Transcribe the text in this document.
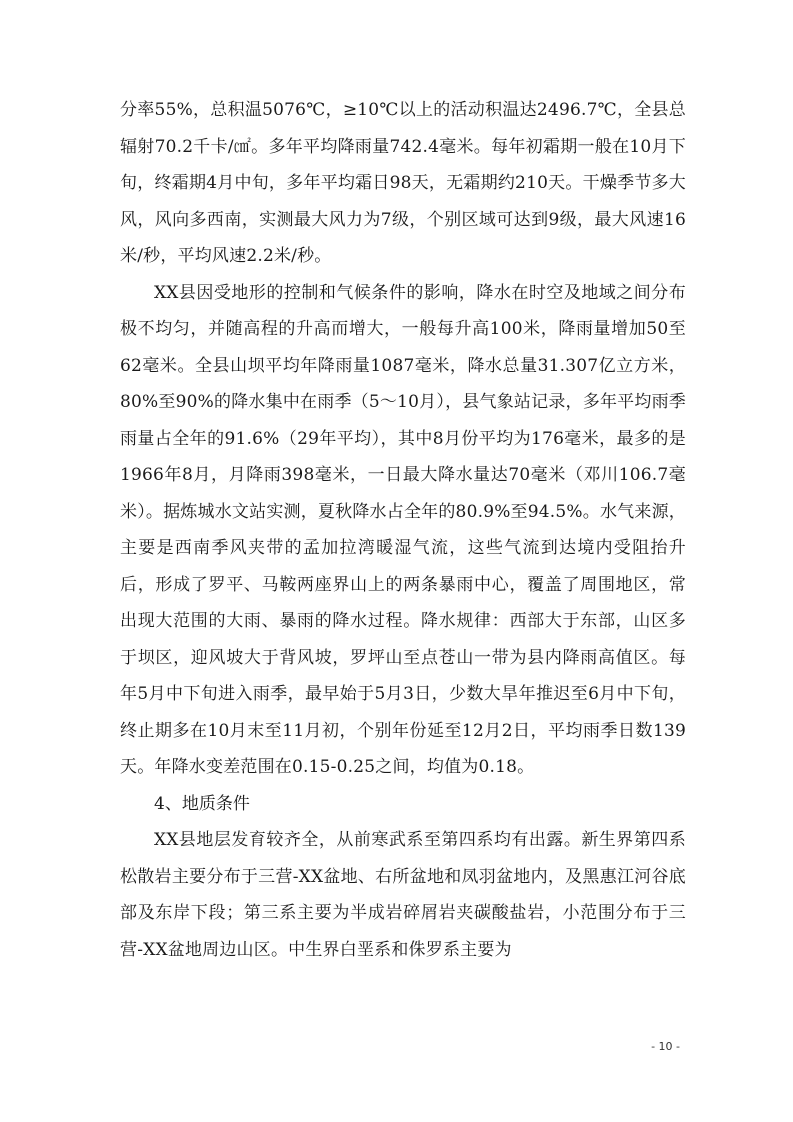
分率55%，总积温5076℃，≥10℃以上的活动积温达2496.7℃，全县总辐射70.2千卡/㎠。多年平均降雨量742.4毫米。每年初霜期一般在10月下旬，终霜期4月中旬，多年平均霜日98天，无霜期约210天。干燥季节多大风，风向多西南，实测最大风力为7级，个别区域可达到9级，最大风速16米/秒，平均风速2.2米/秒。

XX县因受地形的控制和气候条件的影响，降水在时空及地域之间分布极不均匀，并随高程的升高而增大，一般每升高100米，降雨量增加50至62毫米。全县山坝平均年降雨量1087毫米，降水总量31.307亿立方米，80%至90%的降水集中在雨季（5～10月），县气象站记录，多年平均雨季雨量占全年的91.6%（29年平均），其中8月份平均为176毫米，最多的是1966年8月，月降雨398毫米，一日最大降水量达70毫米（邓川106.7毫米）。据炼城水文站实测，夏秋降水占全年的80.9%至94.5%。水气来源，主要是西南季风夹带的孟加拉湾暖湿气流，这些气流到达境内受阻抬升后，形成了罗平、马鞍两座界山上的两条暴雨中心，覆盖了周围地区，常出现大范围的大雨、暴雨的降水过程。降水规律：西部大于东部，山区多于坝区，迎风坡大于背风坡，罗坪山至点苍山一带为县内降雨高值区。每年5月中下旬进入雨季，最早始于5月3日，少数大旱年推迟至6月中下旬，终止期多在10月末至11月初，个别年份延至12月2日，平均雨季日数139天。年降水变差范围在0.15-0.25之间，均值为0.18。

4、地质条件

XX县地层发育较齐全，从前寒武系至第四系均有出露。新生界第四系松散岩主要分布于三营-XX盆地、右所盆地和凤羽盆地内，及黑惠江河谷底部及东岸下段；第三系主要为半成岩碎屑岩夹碳酸盐岩，小范围分布于三营-XX盆地周边山区。中生界白垩系和侏罗系主要为

- 10 -
